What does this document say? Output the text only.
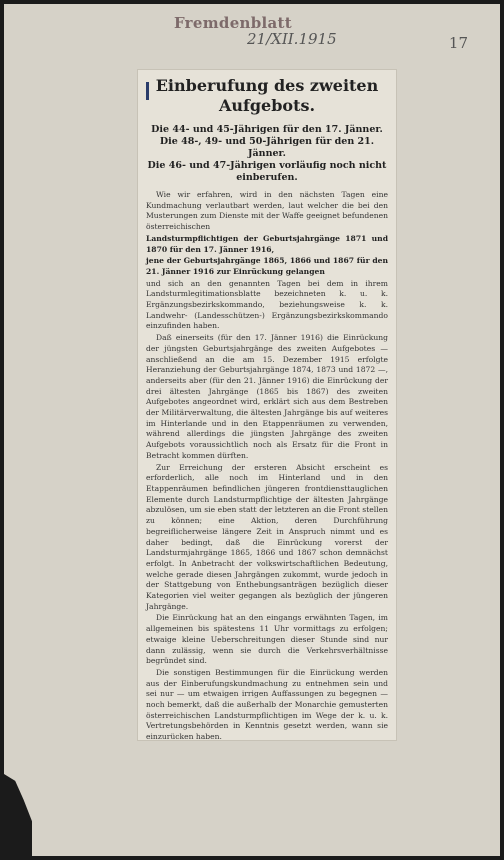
Fremdenblatt
21/XII.1915	17
Einberufung des zweiten Aufgebots.

Die 44- und 45-Jährigen für den 17. Jänner.

Die 48-, 49- und 50-Jährigen für den 21. Jänner.

Die 46- und 47-Jährigen vorläufig noch nicht einberufen.

Wie wir erfahren, wird in den nächsten Tagen eine Kundmachung verlautbart werden, laut welcher die bei den Musterungen zum Dienste mit der Waffe geeignet befundenen österreichischen

Landsturmpflichtigen der Geburtsjahrgänge 1871 und 1870 für den 17. Jänner 1916,

jene der Geburtsjahrgänge 1865, 1866 und 1867 für den 21. Jänner 1916 zur Einrückung gelangen

und sich an den genannten Tagen bei dem in ihrem Landsturmlegitimationsblatte bezeichneten k. u. k. Ergänzungsbezirkskommando, beziehungsweise k. k. Landwehr- (Landesschützen-) Ergänzungsbezirkskommando einzufinden haben.

Daß einerseits (für den 17. Jänner 1916) die Einrückung der jüngsten Geburtsjahrgänge des zweiten Aufgebotes — anschließend an die am 15. Dezember 1915 erfolgte Heranziehung der Geburtsjahrgänge 1874, 1873 und 1872 —, anderseits aber (für den 21. Jänner 1916) die Einrückung der drei ältesten Jahrgänge (1865 bis 1867) des zweiten Aufgebotes angeordnet wird, erklärt sich aus dem Bestreben der Militärverwaltung, die ältesten Jahrgänge bis auf weiteres im Hinterlande und in den Etappenräumen zu verwenden, während allerdings die jüngsten Jahrgänge des zweiten Aufgebots voraussichtlich noch als Ersatz für die Front in Betracht kommen dürften.

Zur Erreichung der ersteren Absicht erscheint es erforderlich, alle noch im Hinterland und in den Etappenräumen befindlichen jüngeren frontdiensttauglichen Elemente durch Landsturmpflichtige der ältesten Jahrgänge abzulösen, um sie eben statt der letzteren an die Front stellen zu können; eine Aktion, deren Durchführung begreiflicherweise längere Zeit in Anspruch nimmt und es daher bedingt, daß die Einrückung vorerst der Landsturmjahrgänge 1865, 1866 und 1867 schon demnächst erfolgt. In Anbetracht der volkswirtschaftlichen Bedeutung, welche gerade diesen Jahrgängen zukommt, wurde jedoch in der Stattgebung von Enthebungsanträgen bezüglich dieser Kategorien viel weiter gegangen als bezüglich der jüngeren Jahrgänge.

Die Einrückung hat an den eingangs erwähnten Tagen, im allgemeinen bis spätestens 11 Uhr vormittags zu erfolgen; etwaige kleine Ueberschreitungen dieser Stunde sind nur dann zulässig, wenn sie durch die Verkehrsverhältnisse begründet sind.

Die sonstigen Bestimmungen für die Einrückung werden aus der Einberufungskundmachung zu entnehmen sein und sei nur — um etwaigen irrigen Auffassungen zu begegnen — noch bemerkt, daß die außerhalb der Monarchie gemusterten österreichischen Landsturmpflichtigen im Wege der k. u. k. Vertretungsbehörden in Kenntnis gesetzt werden, wann sie einzurücken haben.
